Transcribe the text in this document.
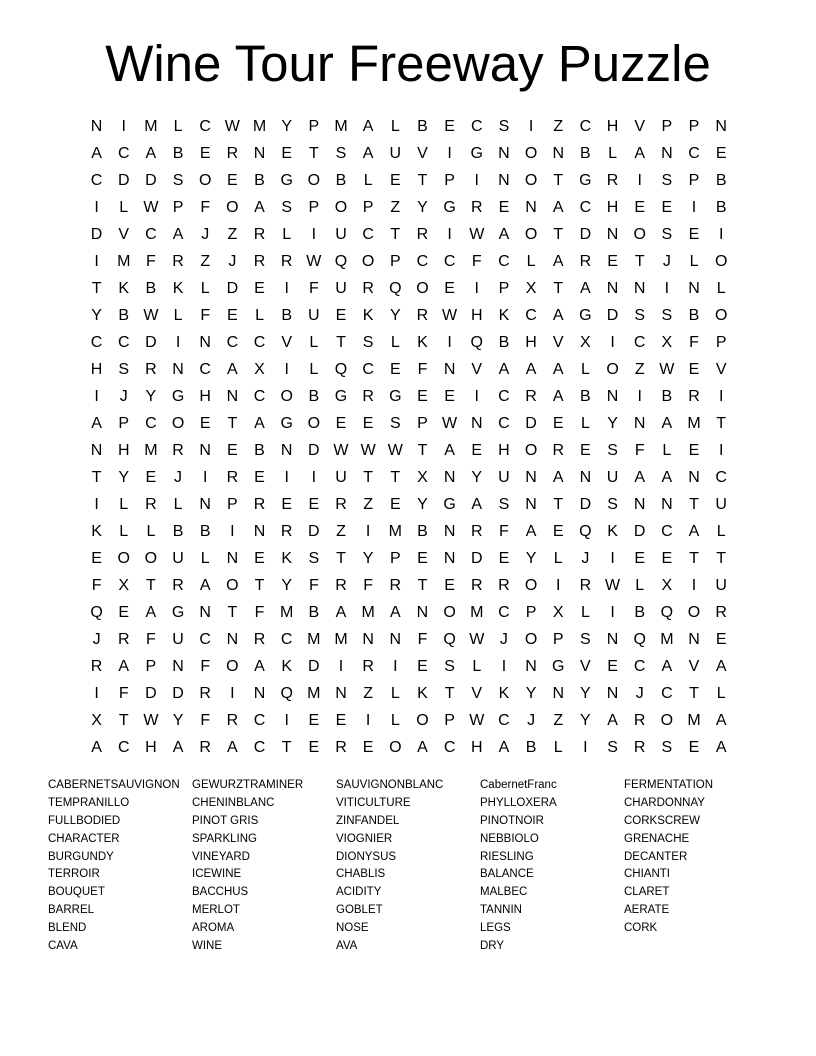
Wine Tour Freeway Puzzle
N	I	M	L	C W M Y	P M A	L	B	E	C	S	I	Z	C H	V	P	P	N
A	C	A	B	E	R N	E	T	S	A	U	V	I	G N O N	B	L	A	N C	E
C D D	S O E	B G O B	L	E	T	P	I	N O	T	G R	I	S	P	B
I	L W P	F	O A	S	P O P	Z	Y G R	E	N	A	C H	E	E	I	B
D	V	C	A	J	Z	R	L	I	U C	T	R	I	W A O	T	D N O S	E	I
I	M F	R	Z	J	R R W Q O P	C C	F	C	L	A	R	E	T	J	L	O
T	K	B	K	L	D	E	I	F	U R Q O E	I	P	X	T	A	N N	I	N	L
Y	B W L	F	E	L	B	U	E	K	Y	R W H	K	C	A G D	S	S	B O
C C D	I	N C C	V	L	T	S	L	K	I	Q B	H	V	X	I	C	X	F	P
H	S	R N C	A	X	I	L	Q C	E	F	N	V	A	A	A	L	O	Z W E	V
I	J	Y G H N C O B G R G E	E	I	C R	A	B	N	I	B	R	I
A	P	C O E	T	A G O E	E	S	P W N C D	E	L	Y	N	A M T
N H M R N	E	B	N D W W W T	A	E	H O R	E	S	F	L	E	I
T	Y	E	J	I	R	E	I	I	U	T	T	X	N	Y	U N	A	N U	A	A	N C
I	L	R	L	N	P	R	E	E	R	Z	E	Y G A	S	N	T	D	S	N N	T	U
K	L	L	B	B	I	N R D	Z	I	M B	N R	F	A	E Q K	D C	A	L
E O O U	L	N	E	K	S	T	Y	P	E	N D	E	Y	L	J	I	E	E	T	T
F	X	T	R	A O	T	Y	F	R	F	R	T	E	R R O	I	R W L	X	I	U
Q E	A G N	T	F M B	A M A	N O M C	P	X	L	I	B Q O R
J	R	F	U C N R C M M N N	F	Q W J	O P	S	N Q M N	E
R	A	P	N	F	O A	K	D	I	R	I	E	S	L	I	N G V	E	C	A	V	A
I	F	D D R	I	N Q M N	Z	L	K	T	V	K	Y	N	Y	N	J	C	T	L
X	T W Y	F	R C	I	E	E	I	L	O P W C	J	Z	Y	A	R O M A
A	C H	A	R	A	C	T	E	R	E O A	C H	A	B	L	I	S	R	S	E	A
CABERNETSAUVIGNON	GEWURZTRAMINER	SAUVIGNONBLANC	CabernetFranc	FERMENTATION
TEMPRANILLO	CHENINBLANC	VITICULTURE	PHYLLOXERA	CHARDONNAY
FULLBODIED	PINOT GRIS	ZINFANDEL	PINOTNOIR	CORKSCREW
CHARACTER	SPARKLING	VIOGNIER	NEBBIOLO	GRENACHE
BURGUNDY	VINEYARD	DIONYSUS	RIESLING	DECANTER
TERROIR	ICEWINE	CHABLIS	BALANCE	CHIANTI
BOUQUET	BACCHUS	ACIDITY	MALBEC	CLARET
BARREL	MERLOT	GOBLET	TANNIN	AERATE
BLEND	AROMA	NOSE	LEGS	CORK
CAVA	WINE	AVA	DRY
